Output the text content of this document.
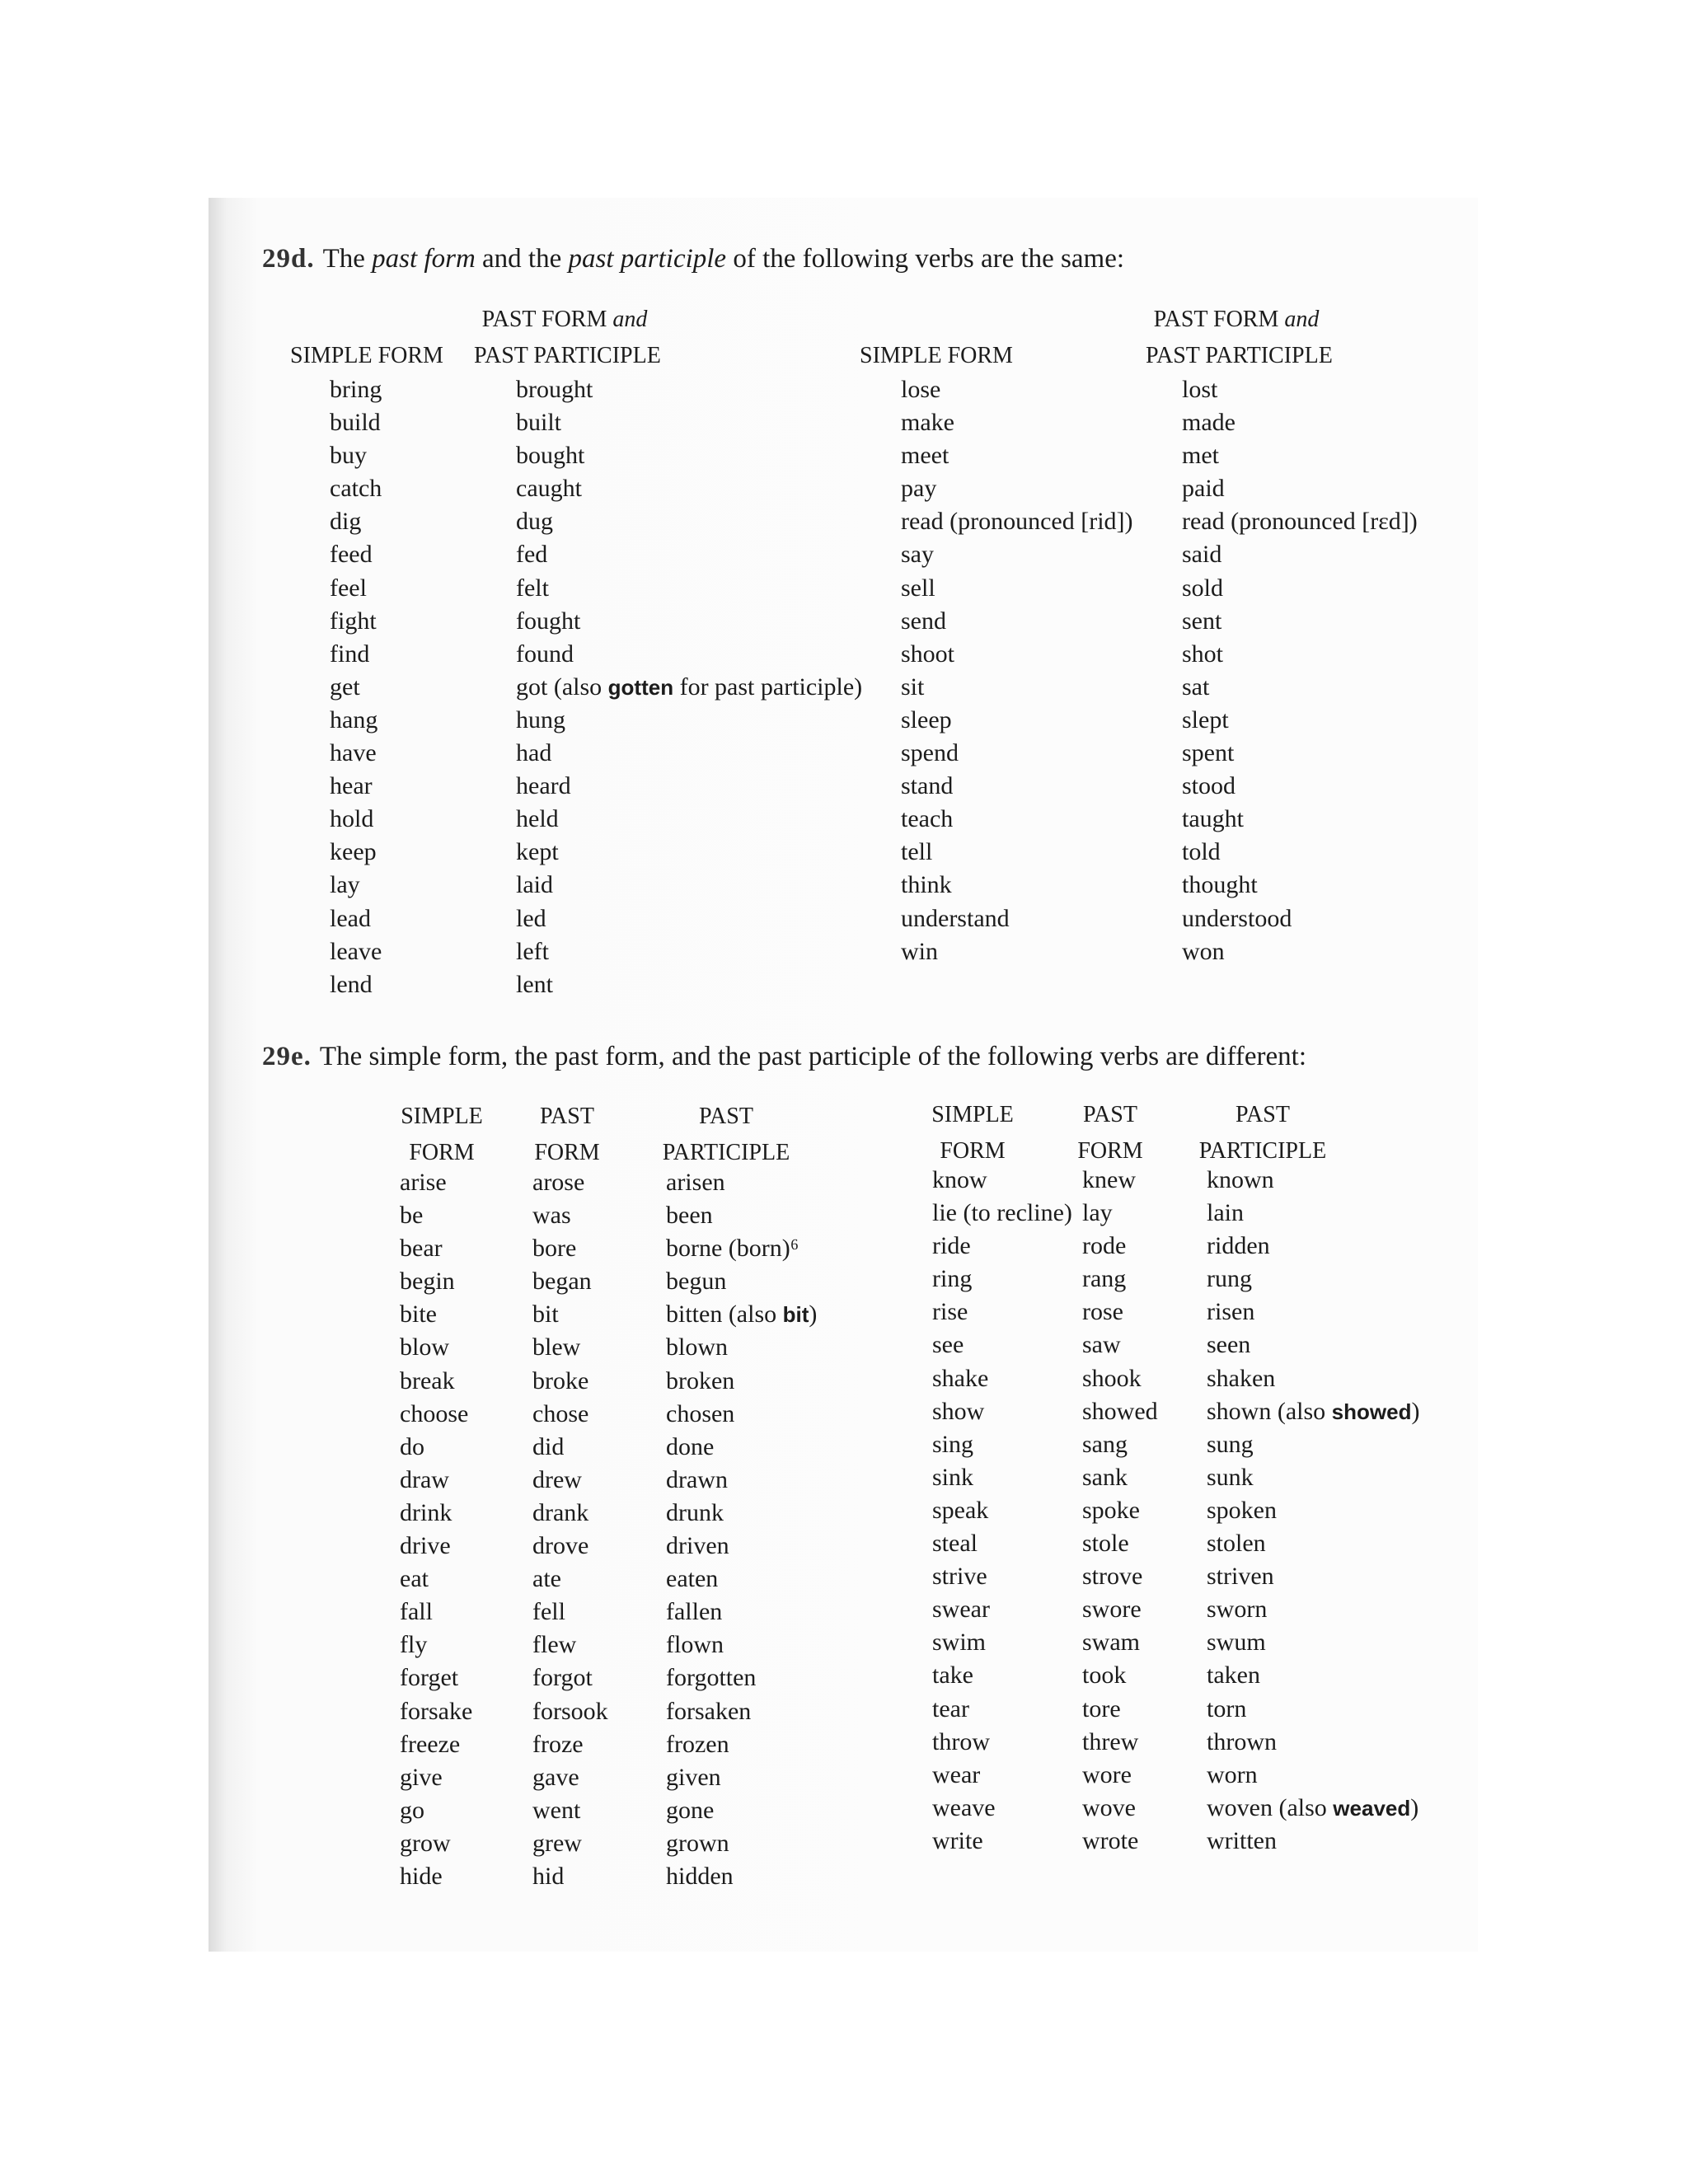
29d. The past form and the past participle of the following verbs are the same:
SIMPLE FORM
PAST FORM and
PAST PARTICIPLE	SIMPLE FORM
PAST FORM and
PAST PARTICIPLE
bring
build
buy
catch
dig
feed
feel
fight
find
get
hang
have
hear
hold
keep
lay
lead
leave
lend
brought
built
bought
caught
dug
fed
felt
fought
found
got (also gotten for past participle)
hung
had
heard
held
kept
laid
led
left
lent
lose
make
meet
pay
read (pronounced [rid])
say
sell
send
shoot
sit
sleep
spend
stand
teach
tell
think
understand
win
lost
made
met
paid
read (pronounced [rɛd])
said
sold
sent
shot
sat
slept
spent
stood
taught
told
thought
understood
won
29e. The simple form, the past form, and the past participle of the following verbs are different:
SIMPLE
FORM
PAST
FORM
PAST
PARTICIPLE
SIMPLE
FORM
PAST
FORM
PAST
PARTICIPLE
arise
be
bear
begin
bite
blow
break
choose
do
draw
drink
drive
eat
fall
fly
forget
forsake
freeze
give
go
grow
hide
arose
was
bore
began
bit
blew
broke
chose
did
drew
drank
drove
ate
fell
flew
forgot
forsook
froze
gave
went
grew
hid
arisen
been
borne (born)⁶
begun
bitten (also bit)
blown
broken
chosen
done
drawn
drunk
driven
eaten
fallen
flown
forgotten
forsaken
frozen
given
gone
grown
hidden
know
lie (to recline)
ride
ring
rise
see
shake
show
sing
sink
speak
steal
strive
swear
swim
take
tear
throw
wear
weave
write
knew
lay
rode
rang
rose
saw
shook
showed
sang
sank
spoke
stole
strove
swore
swam
took
tore
threw
wore
wove
wrote
known
lain
ridden
rung
risen
seen
shaken
shown (also showed)
sung
sunk
spoken
stolen
striven
sworn
swum
taken
torn
thrown
worn
woven (also weaved)
written
